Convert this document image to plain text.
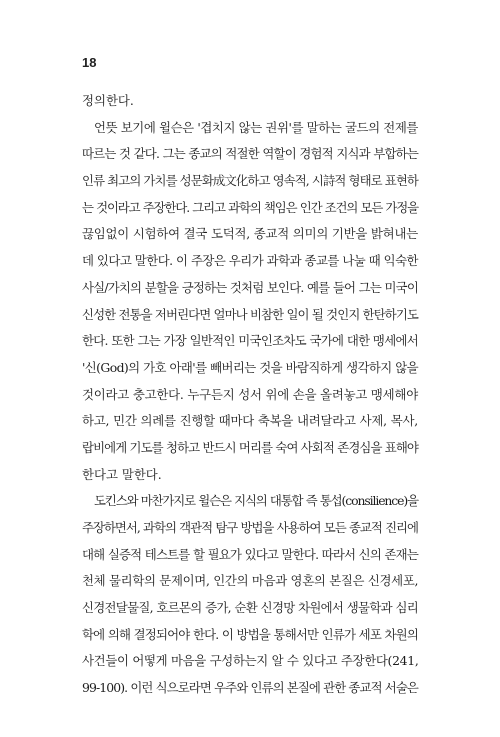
18
정의한다.
언뜻 보기에 윌슨은 '겹치지 않는 권위'를 말하는 굴드의 전제를
따르는 것 같다. 그는 종교의 적절한 역할이 경험적 지식과 부합하는
인류 최고의 가치를 성문화成文化하고 영속적, 시詩적 형태로 표현하
는 것이라고 주장한다. 그리고 과학의 책임은 인간 조건의 모든 가정을
끊임없이 시험하여 결국 도덕적, 종교적 의미의 기반을 밝혀내는
데 있다고 말한다. 이 주장은 우리가 과학과 종교를 나눌 때 익숙한
사실/가치의 분할을 긍정하는 것처럼 보인다. 예를 들어 그는 미국이
신성한 전통을 저버린다면 얼마나 비참한 일이 될 것인지 한탄하기도
한다. 또한 그는 가장 일반적인 미국인조차도 국가에 대한 맹세에서
'신(God)의 가호 아래'를 빼버리는 것을 바람직하게 생각하지 않을
것이라고 충고한다. 누구든지 성서 위에 손을 올려놓고 맹세해야
하고, 민간 의례를 진행할 때마다 축복을 내려달라고 사제, 목사,
랍비에게 기도를 청하고 반드시 머리를 숙여 사회적 존경심을 표해야
한다고 말한다.
도킨스와 마찬가지로 윌슨은 지식의 대통합 즉 통섭(consilience)을
주장하면서, 과학의 객관적 탐구 방법을 사용하여 모든 종교적 진리에
대해 실증적 테스트를 할 필요가 있다고 말한다. 따라서 신의 존재는
천체 물리학의 문제이며, 인간의 마음과 영혼의 본질은 신경세포,
신경전달물질, 호르몬의 증가, 순환 신경망 차원에서 생물학과 심리
학에 의해 결정되어야 한다. 이 방법을 통해서만 인류가 세포 차원의
사건들이 어떻게 마음을 구성하는지 알 수 있다고 주장한다(241,
99-100). 이런 식으로라면 우주와 인류의 본질에 관한 종교적 서술은
